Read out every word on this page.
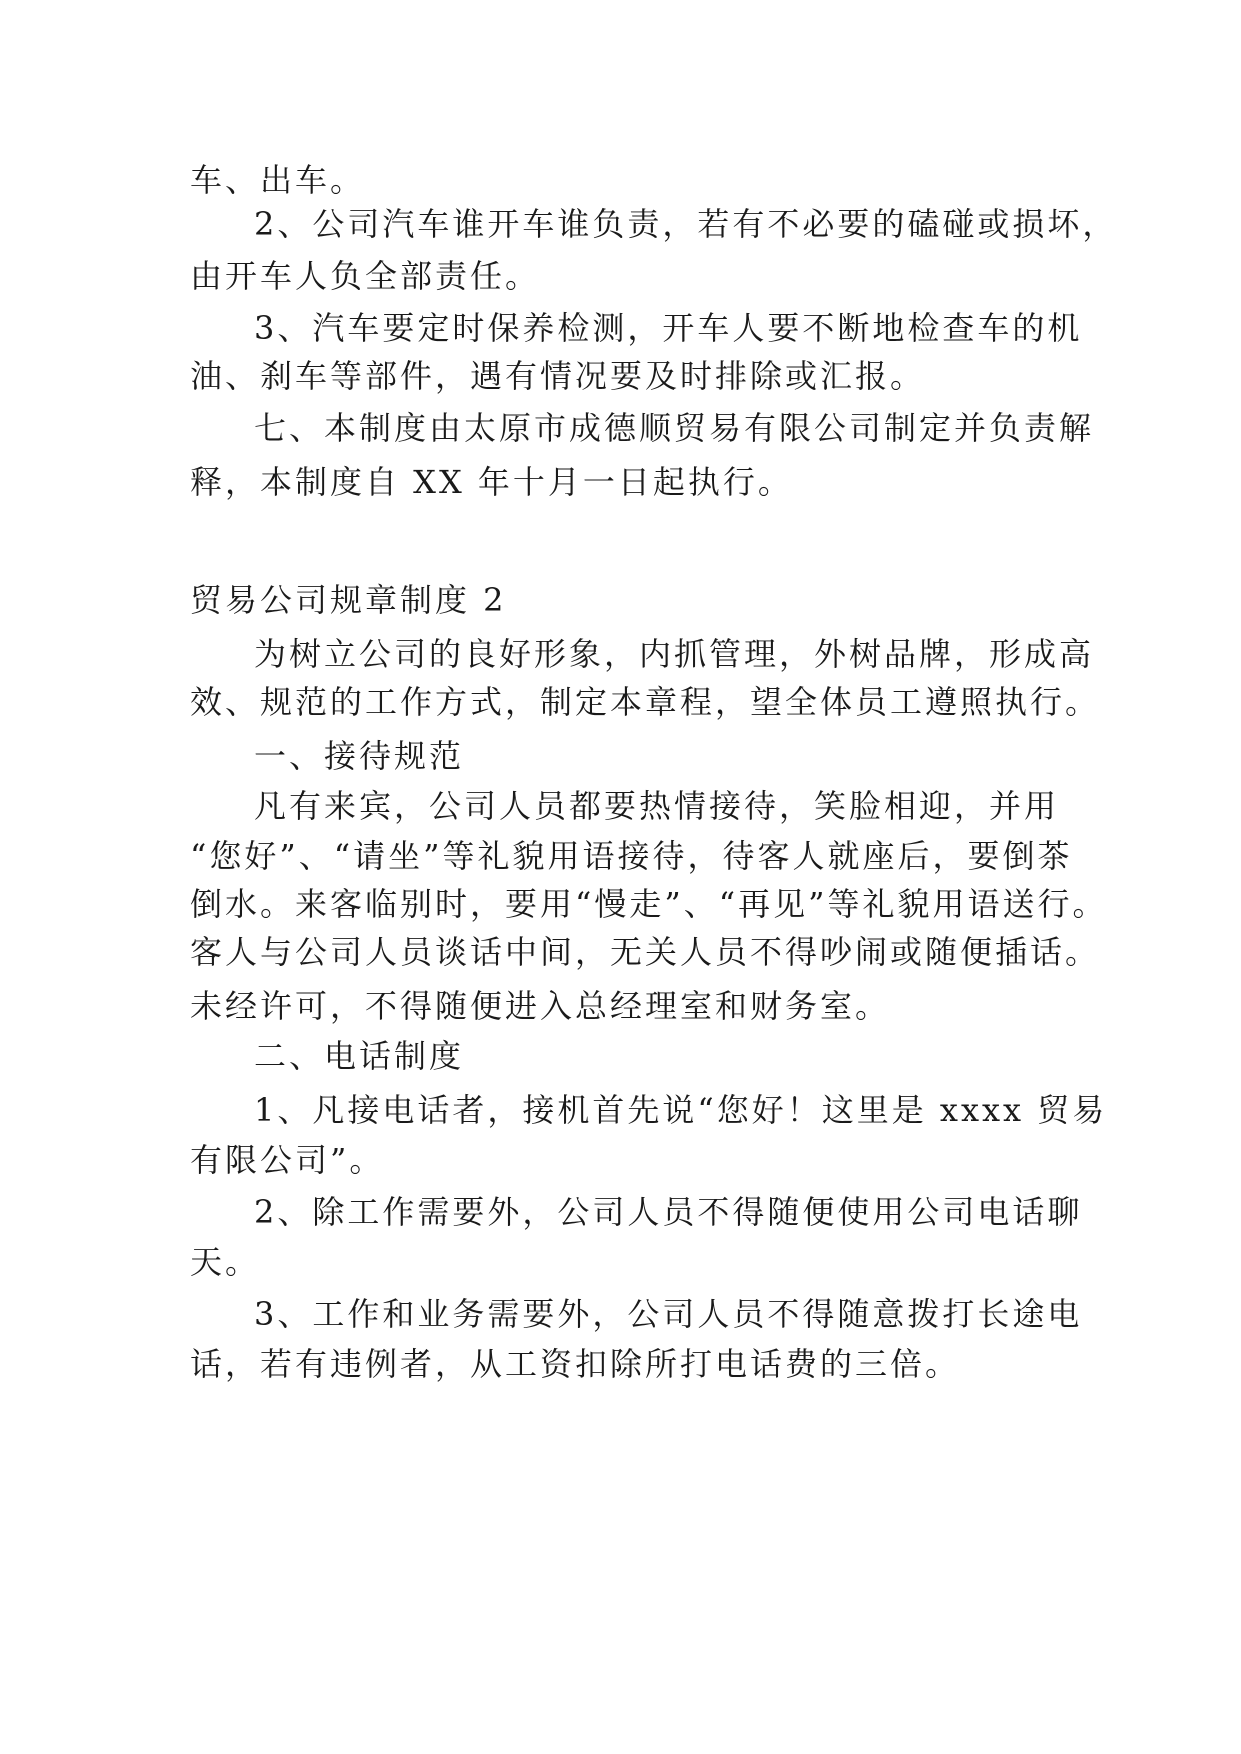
车、出车。
2、公司汽车谁开车谁负责，若有不必要的磕碰或损坏，
由开车人负全部责任。
3、汽车要定时保养检测，开车人要不断地检查车的机
油、刹车等部件，遇有情况要及时排除或汇报。
七、本制度由太原市成德顺贸易有限公司制定并负责解
释，本制度自 XX 年十月一日起执行。
贸易公司规章制度 2
为树立公司的良好形象，内抓管理，外树品牌，形成高
效、规范的工作方式，制定本章程，望全体员工遵照执行。
一、接待规范
凡有来宾，公司人员都要热情接待，笑脸相迎，并用
“您好”、“请坐”等礼貌用语接待，待客人就座后，要倒茶
倒水。来客临别时，要用“慢走”、“再见”等礼貌用语送行。
客人与公司人员谈话中间，无关人员不得吵闹或随便插话。
未经许可，不得随便进入总经理室和财务室。
二、电话制度
1、凡接电话者，接机首先说“您好！这里是 xxxx 贸易
有限公司”。
2、除工作需要外，公司人员不得随便使用公司电话聊
天。
3、工作和业务需要外，公司人员不得随意拨打长途电
话，若有违例者，从工资扣除所打电话费的三倍。
